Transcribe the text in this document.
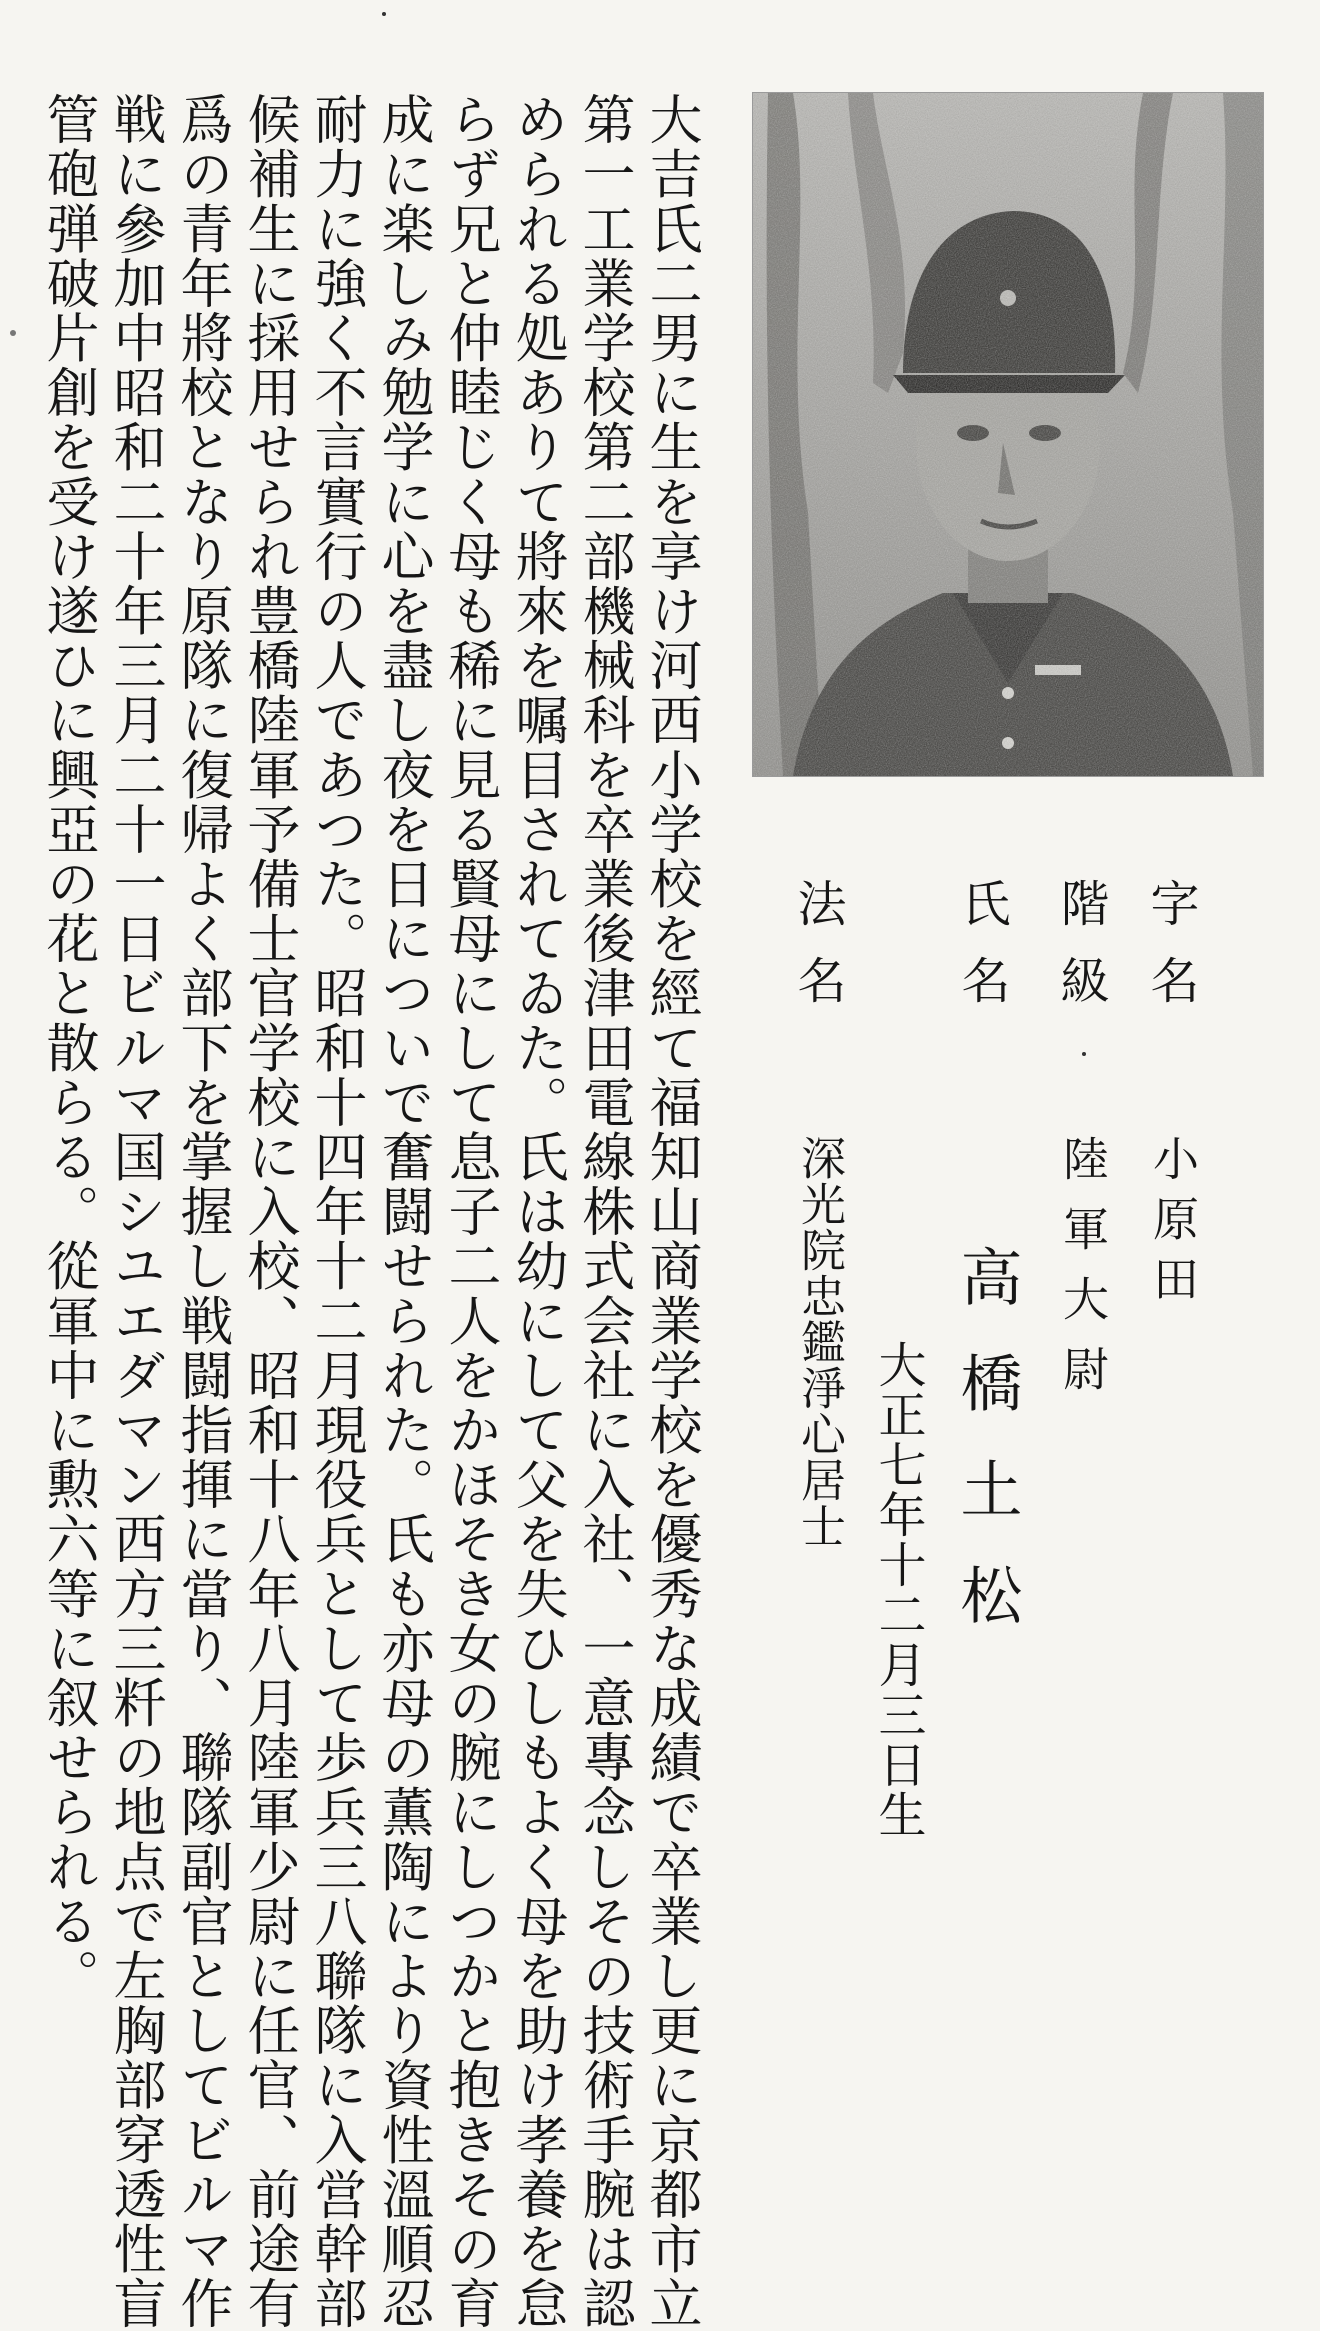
字名
階級
氏名
法名
小原田
陸軍大尉
高橋土松
大正七年十二月三日生
深光院忠鑑淨心居士
大吉氏二男に生を享け河西小学校を經て福知山商業学校を優秀な成績で卒業し更に京都市立
第一工業学校第二部機械科を卒業後津田電線株式会社に入社、一意專念しその技術手腕は認
められる処ありて將來を嘱目されてゐた。氏は幼にして父を失ひしもよく母を助け孝養を怠
らず兄と仲睦じく母も稀に見る賢母にして息子二人をかほそき女の腕にしつかと抱きその育
成に楽しみ勉学に心を盡し夜を日についで奮闘せられた。氏も亦母の薫陶により資性溫順忍
耐力に強く不言實行の人であつた。昭和十四年十二月現役兵として歩兵三八聯隊に入営幹部
候補生に採用せられ豊橋陸軍予備士官学校に入校、昭和十八年八月陸軍少尉に任官、前途有
爲の青年將校となり原隊に復帰よく部下を掌握し戦闘指揮に當り、聯隊副官としてビルマ作
戦に參加中昭和二十年三月二十一日ビルマ国シユエダマン西方三粁の地点で左胸部穿透性盲
管砲弾破片創を受け遂ひに興亞の花と散らる。從軍中に勲六等に叙せられる。
